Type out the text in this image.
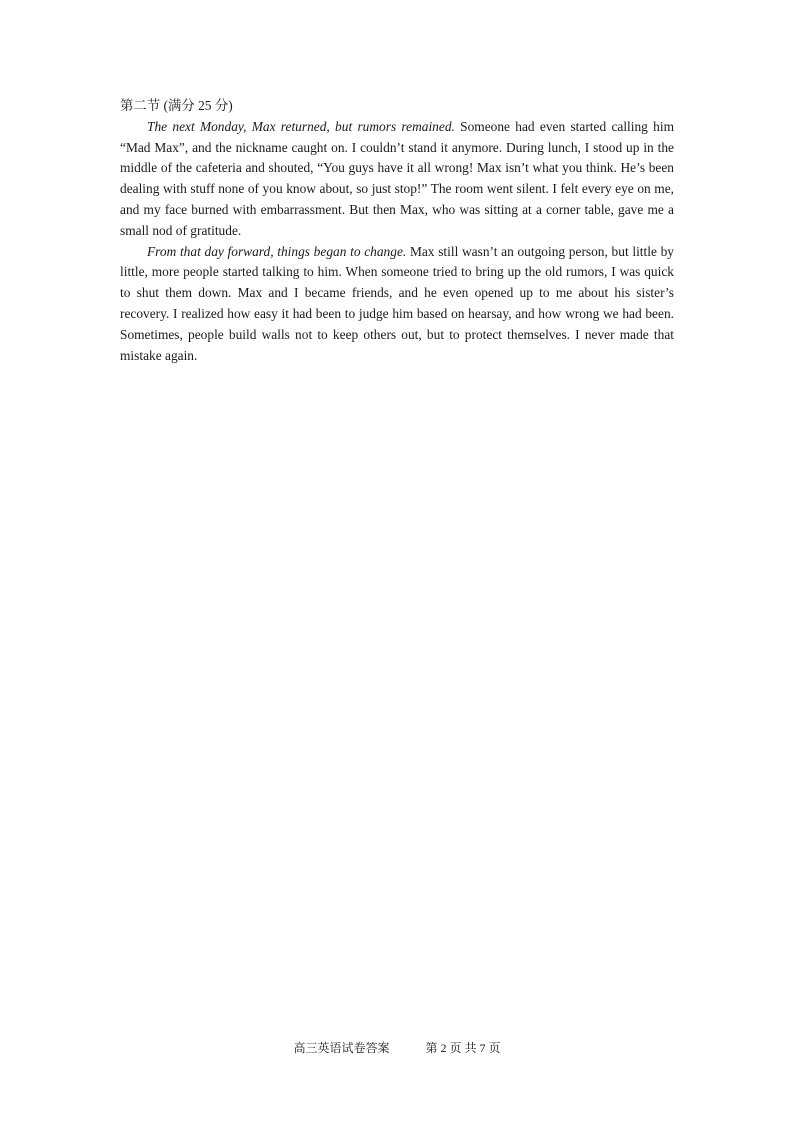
第二节 (满分 25 分)

The next Monday, Max returned, but rumors remained. Someone had even started calling him “Mad Max”, and the nickname caught on. I couldn’t stand it anymore. During lunch, I stood up in the middle of the cafeteria and shouted, “You guys have it all wrong! Max isn’t what you think. He’s been dealing with stuff none of you know about, so just stop!” The room went silent. I felt every eye on me, and my face burned with embarrassment. But then Max, who was sitting at a corner table, gave me a small nod of gratitude.

From that day forward, things began to change. Max still wasn’t an outgoing person, but little by little, more people started talking to him. When someone tried to bring up the old rumors, I was quick to shut them down. Max and I became friends, and he even opened up to me about his sister’s recovery. I realized how easy it had been to judge him based on hearsay, and how wrong we had been. Sometimes, people build walls not to keep others out, but to protect themselves. I never made that mistake again.

高三英语试卷答案	第 2 页 共 7 页
